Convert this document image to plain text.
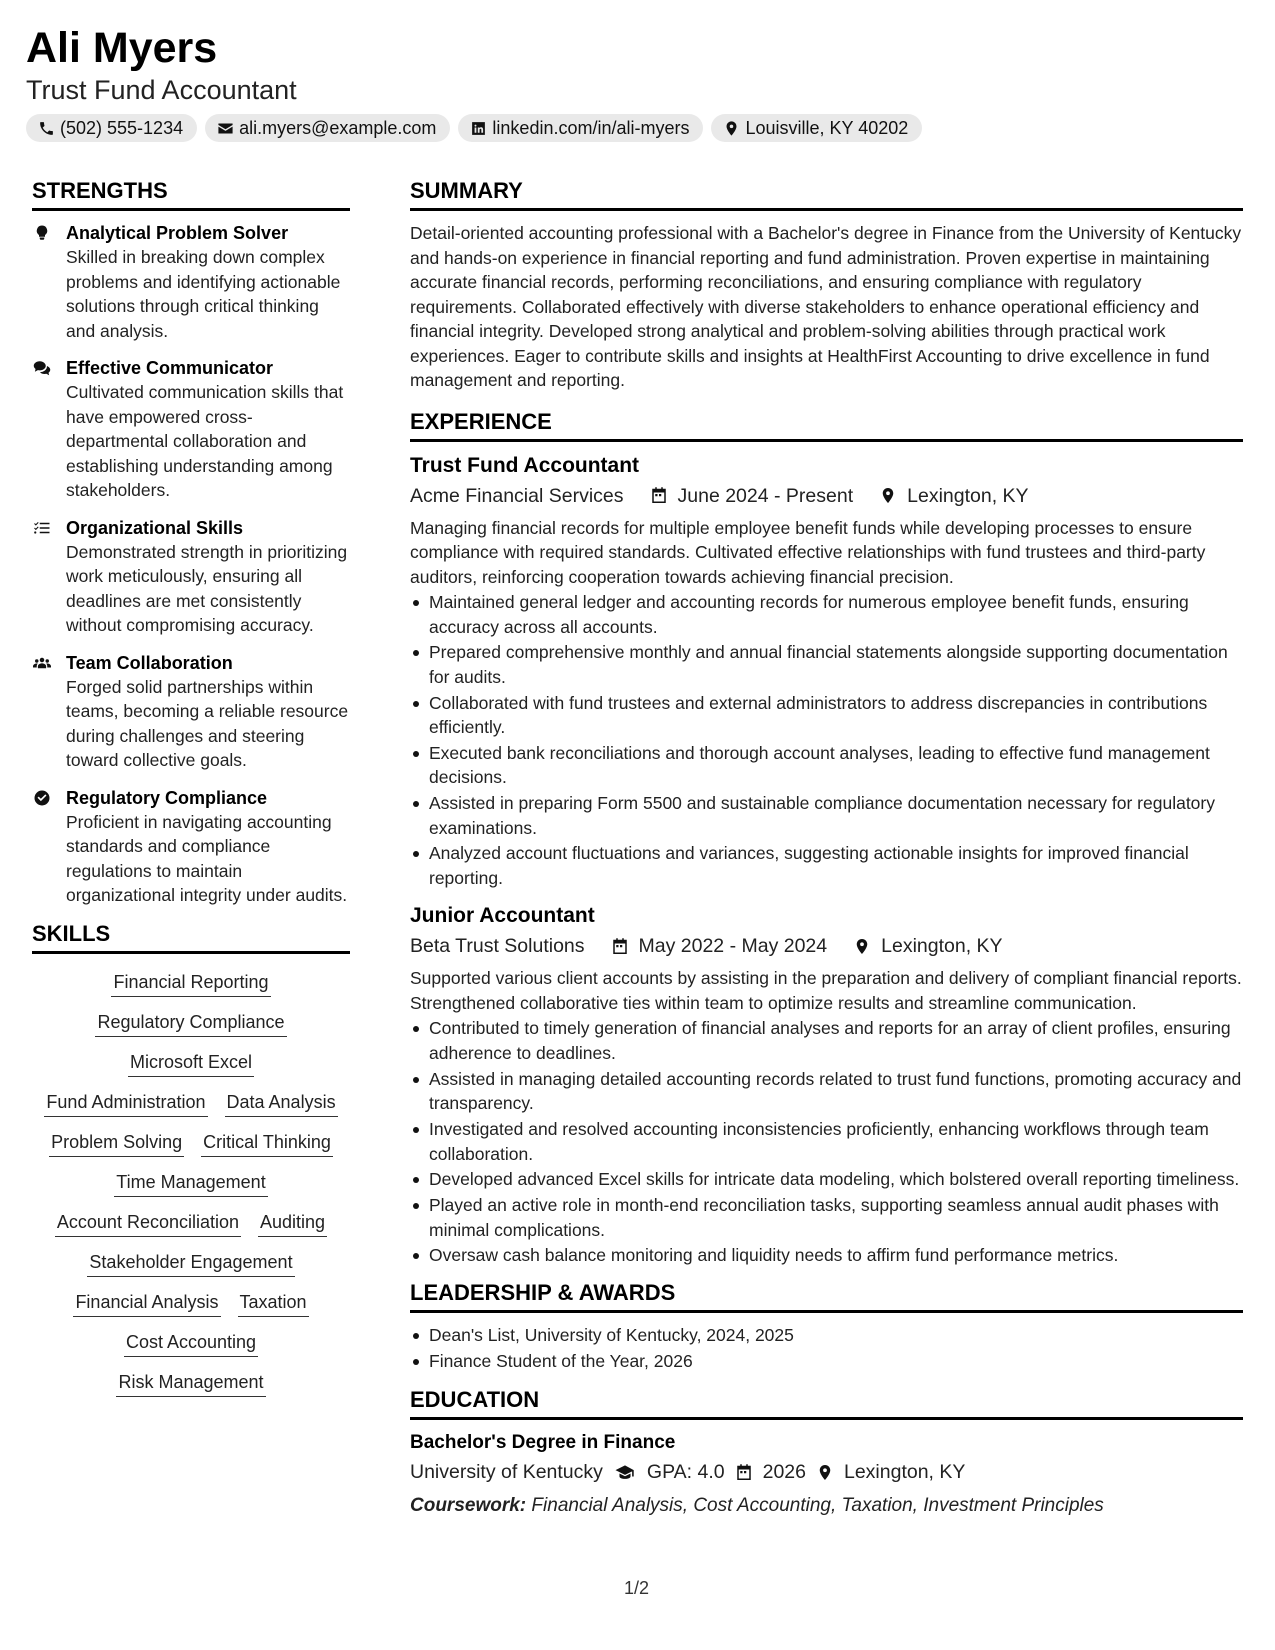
Ali Myers
Trust Fund Accountant
(502) 555-1234	ali.myers@example.com	linkedin.com/in/ali-myers	Louisville, KY 40202
STRENGTHS
Analytical Problem Solver
Skilled in breaking down complex problems and identifying actionable solutions through critical thinking and analysis.
Effective Communicator
Cultivated communication skills that have empowered cross-departmental collaboration and establishing understanding among stakeholders.
Organizational Skills
Demonstrated strength in prioritizing work meticulously, ensuring all deadlines are met consistently without compromising accuracy.
Team Collaboration
Forged solid partnerships within teams, becoming a reliable resource during challenges and steering toward collective goals.
Regulatory Compliance
Proficient in navigating accounting standards and compliance regulations to maintain organizational integrity under audits.
SKILLS
Financial Reporting
Regulatory Compliance
Microsoft Excel
Fund Administration Data Analysis
Problem Solving Critical Thinking
Time Management
Account Reconciliation Auditing
Stakeholder Engagement
Financial Analysis Taxation
Cost Accounting
Risk Management
SUMMARY
Detail-oriented accounting professional with a Bachelor's degree in Finance from the University of Kentucky and hands-on experience in financial reporting and fund administration. Proven expertise in maintaining accurate financial records, performing reconciliations, and ensuring compliance with regulatory requirements. Collaborated effectively with diverse stakeholders to enhance operational efficiency and financial integrity. Developed strong analytical and problem-solving abilities through practical work experiences. Eager to contribute skills and insights at HealthFirst Accounting to drive excellence in fund management and reporting.
EXPERIENCE
Trust Fund Accountant
Acme Financial Services	June 2024 - Present	Lexington, KY
Managing financial records for multiple employee benefit funds while developing processes to ensure compliance with required standards. Cultivated effective relationships with fund trustees and third-party auditors, reinforcing cooperation towards achieving financial precision.
Maintained general ledger and accounting records for numerous employee benefit funds, ensuring accuracy across all accounts.
Prepared comprehensive monthly and annual financial statements alongside supporting documentation for audits.
Collaborated with fund trustees and external administrators to address discrepancies in contributions efficiently.
Executed bank reconciliations and thorough account analyses, leading to effective fund management decisions.
Assisted in preparing Form 5500 and sustainable compliance documentation necessary for regulatory examinations.
Analyzed account fluctuations and variances, suggesting actionable insights for improved financial reporting.
Junior Accountant
Beta Trust Solutions	May 2022 - May 2024	Lexington, KY
Supported various client accounts by assisting in the preparation and delivery of compliant financial reports. Strengthened collaborative ties within team to optimize results and streamline communication.
Contributed to timely generation of financial analyses and reports for an array of client profiles, ensuring adherence to deadlines.
Assisted in managing detailed accounting records related to trust fund functions, promoting accuracy and transparency.
Investigated and resolved accounting inconsistencies proficiently, enhancing workflows through team collaboration.
Developed advanced Excel skills for intricate data modeling, which bolstered overall reporting timeliness.
Played an active role in month-end reconciliation tasks, supporting seamless annual audit phases with minimal complications.
Oversaw cash balance monitoring and liquidity needs to affirm fund performance metrics.
LEADERSHIP & AWARDS
Dean's List, University of Kentucky, 2024, 2025
Finance Student of the Year, 2026
EDUCATION
Bachelor's Degree in Finance
University of Kentucky GPA: 4.0 2026 Lexington, KY
Coursework: Financial Analysis, Cost Accounting, Taxation, Investment Principles
1/2
